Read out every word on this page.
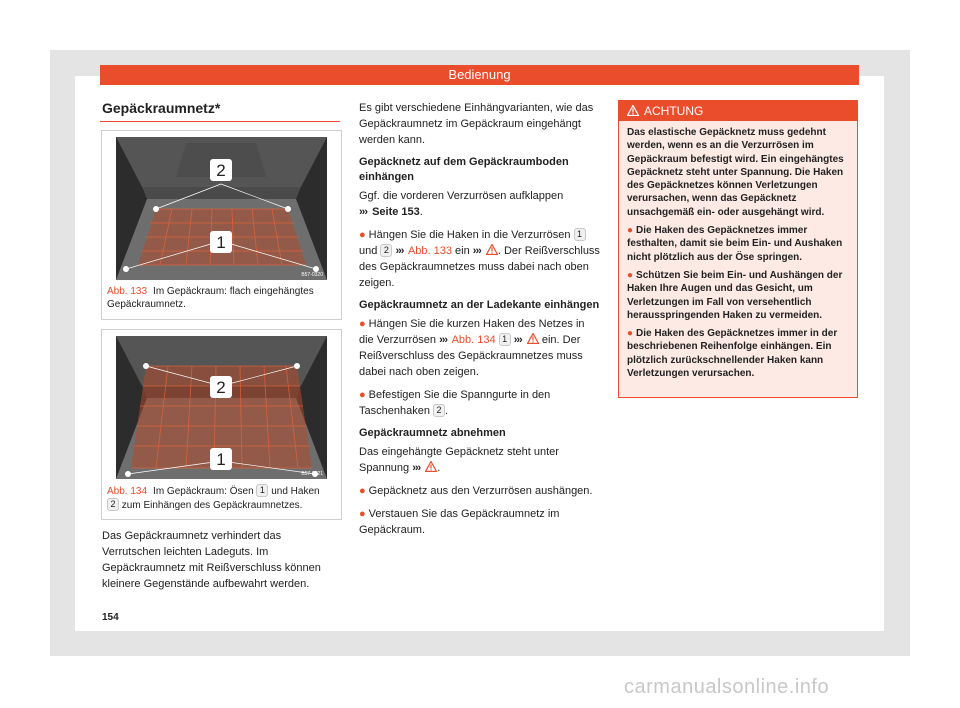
Bedienung
Gepäckraumnetz*
2
1
B57-0320
Abb. 133 Im Gepäckraum: flach eingehängtes Gepäckraumnetz.
2
1
B57-0321
Abb. 134 Im Gepäckraum: Ösen 1 und Haken
2 zum Einhängen des Gepäckraumnetzes.
Das Gepäckraumnetz verhindert das Verrutschen leichten Ladeguts. Im Gepäckraumnetz mit Reißverschluss können kleinere Gegenstände aufbewahrt werden.

Es gibt verschiedene Einhängvarianten, wie das Gepäckraumnetz im Gepäckraum eingehängt werden kann.

Gepäcknetz auf dem Gepäckraumboden einhängen

Ggf. die vorderen Verzurrösen aufklappen
››› Seite 153.

● Hängen Sie die Haken in die Verzurrösen 1 und 2 ››› Abb. 133 ein ››› . Der Reißverschluss des Gepäckraumnetzes muss dabei nach oben zeigen.

Gepäckraumnetz an der Ladekante einhängen

● Hängen Sie die kurzen Haken des Netzes in die Verzurrösen ››› Abb. 134 1 ››› ein. Der Reißverschluss des Gepäckraumnetzes muss dabei nach oben zeigen.

● Befestigen Sie die Spanngurte in den Taschenhaken 2 .

Gepäckraumnetz abnehmen

Das eingehängte Gepäcknetz steht unter Spannung ››› .

● Gepäcknetz aus den Verzurrösen aushängen.

● Verstauen Sie das Gepäckraumnetz im Gepäckraum.

ACHTUNG

Das elastische Gepäcknetz muss gedehnt werden, wenn es an die Verzurrösen im Gepäckraum befestigt wird. Ein eingehängtes Gepäcknetz steht unter Spannung. Die Haken des Gepäcknetzes können Verletzungen verursachen, wenn das Gepäcknetz unsachgemäß ein- oder ausgehängt wird.

● Die Haken des Gepäcknetzes immer festhalten, damit sie beim Ein- und Aushaken nicht plötzlich aus der Öse springen.

● Schützen Sie beim Ein- und Aushängen der Haken Ihre Augen und das Gesicht, um Verletzungen im Fall von versehentlich herausspringenden Haken zu vermeiden.

● Die Haken des Gepäcknetzes immer in der beschriebenen Reihenfolge einhängen. Ein plötzlich zurückschnellender Haken kann Verletzungen verursachen.

154
carmanualsonline.info
